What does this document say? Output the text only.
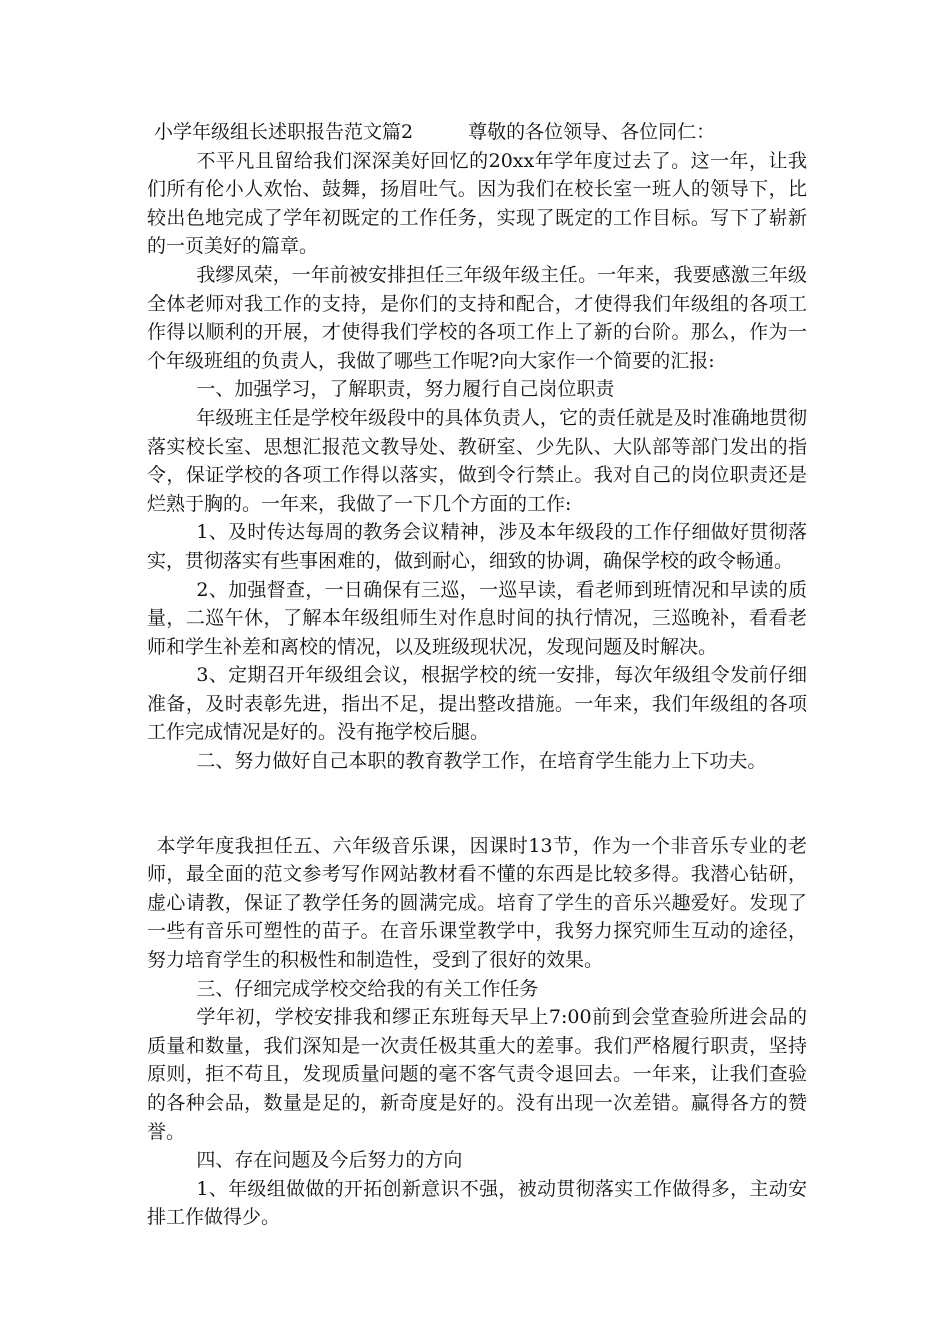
小学年级组长述职报告范文篇2	尊敬的各位领导、各位同仁：

不平凡且留给我们深深美好回忆的20xx年学年度过去了。这一年，让我们所有伦小人欢怡、鼓舞，扬眉吐气。因为我们在校长室一班人的领导下，比较出色地完成了学年初既定的工作任务，实现了既定的工作目标。写下了崭新的一页美好的篇章。

我缪凤荣，一年前被安排担任三年级年级主任。一年来，我要感激三年级全体老师对我工作的支持，是你们的支持和配合，才使得我们年级组的各项工作得以顺利的开展，才使得我们学校的各项工作上了新的台阶。那么，作为一个年级班组的负责人，我做了哪些工作呢?向大家作一个简要的汇报:

一、加强学习，了解职责，努力履行自己岗位职责

年级班主任是学校年级段中的具体负责人，它的责任就是及时准确地贯彻落实校长室、思想汇报范文教导处、教研室、少先队、大队部等部门发出的指令，保证学校的各项工作得以落实，做到令行禁止。我对自己的岗位职责还是烂熟于胸的。一年来，我做了一下几个方面的工作:

1、及时传达每周的教务会议精神，涉及本年级段的工作仔细做好贯彻落实，贯彻落实有些事困难的，做到耐心，细致的协调，确保学校的政令畅通。

2、加强督查，一日确保有三巡，一巡早读，看老师到班情况和早读的质量，二巡午休，了解本年级组师生对作息时间的执行情况，三巡晚补，看看老师和学生补差和离校的情况，以及班级现状况，发现问题及时解决。

3、定期召开年级组会议，根据学校的统一安排，每次年级组令发前仔细准备，及时表彰先进，指出不足，提出整改措施。一年来，我们年级组的各项工作完成情况是好的。没有拖学校后腿。

二、努力做好自己本职的教育教学工作，在培育学生能力上下功夫。

本学年度我担任五、六年级音乐课，因课时13节，作为一个非音乐专业的老师，最全面的范文参考写作网站教材看不懂的东西是比较多得。我潜心钻研，虚心请教，保证了教学任务的圆满完成。培育了学生的音乐兴趣爱好。发现了一些有音乐可塑性的苗子。在音乐课堂教学中，我努力探究师生互动的途径，努力培育学生的积极性和制造性，受到了很好的效果。

三、仔细完成学校交给我的有关工作任务

学年初，学校安排我和缪正东班每天早上7:00前到会堂查验所进会品的质量和数量，我们深知是一次责任极其重大的差事。我们严格履行职责，坚持原则，拒不苟且，发现质量问题的毫不客气责令退回去。一年来，让我们查验的各种会品，数量是足的，新奇度是好的。没有出现一次差错。赢得各方的赞誉。

四、存在问题及今后努力的方向

1、年级组做做的开拓创新意识不强，被动贯彻落实工作做得多，主动安排工作做得少。
